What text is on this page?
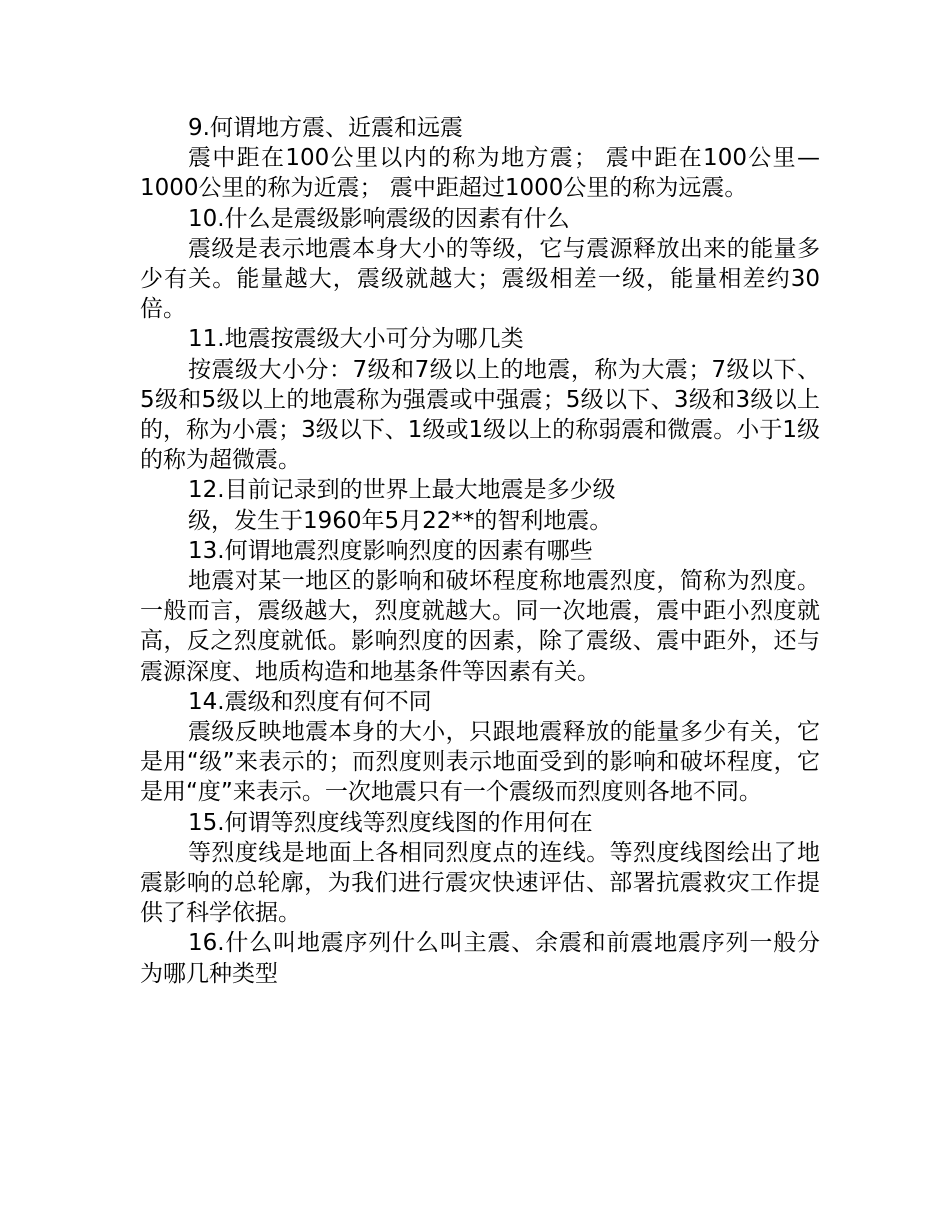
9.何谓地方震、近震和远震

震中距在100公里以内的称为地方震； 震中距在100公里—1000公里的称为近震； 震中距超过1000公里的称为远震。

10.什么是震级影响震级的因素有什么

震级是表示地震本身大小的等级，它与震源释放出来的能量多少有关。能量越大，震级就越大；震级相差一级，能量相差约30倍。

11.地震按震级大小可分为哪几类

按震级大小分：7级和7级以上的地震，称为大震；7级以下、5级和5级以上的地震称为强震或中强震；5级以下、3级和3级以上的，称为小震；3级以下、1级或1级以上的称弱震和微震。小于1级的称为超微震。

12.目前记录到的世界上最大地震是多少级

级，发生于1960年5月22**的智利地震。

13.何谓地震烈度影响烈度的因素有哪些

地震对某一地区的影响和破坏程度称地震烈度，简称为烈度。一般而言，震级越大，烈度就越大。同一次地震，震中距小烈度就高，反之烈度就低。影响烈度的因素，除了震级、震中距外，还与震源深度、地质构造和地基条件等因素有关。

14.震级和烈度有何不同

震级反映地震本身的大小，只跟地震释放的能量多少有关，它是用“级”来表示的；而烈度则表示地面受到的影响和破坏程度，它是用“度”来表示。一次地震只有一个震级而烈度则各地不同。

15.何谓等烈度线等烈度线图的作用何在

等烈度线是地面上各相同烈度点的连线。等烈度线图绘出了地震影响的总轮廓，为我们进行震灾快速评估、部署抗震救灾工作提供了科学依据。

16.什么叫地震序列什么叫主震、余震和前震地震序列一般分为哪几种类型
